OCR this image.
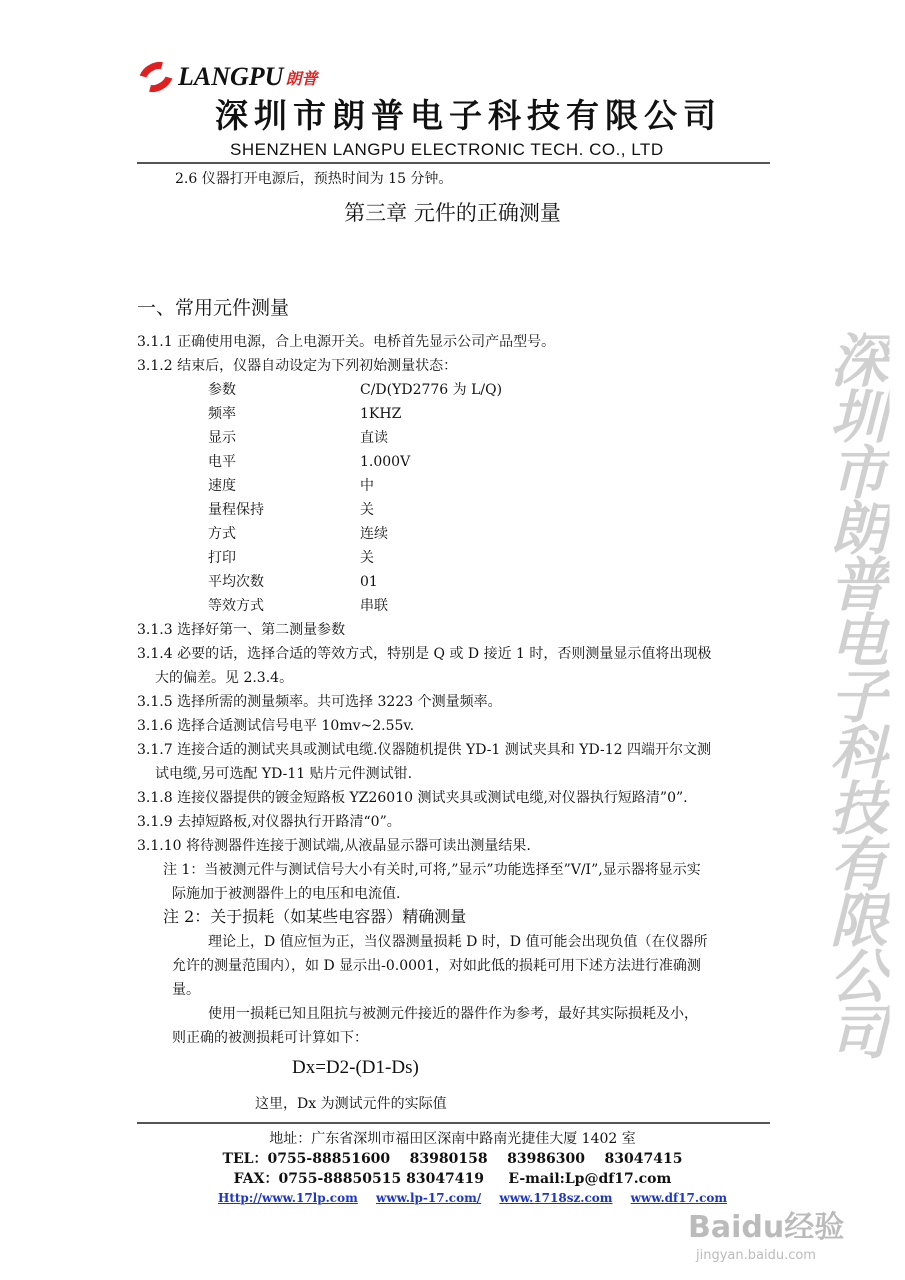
LANGPU 朗普
深圳市朗普电子科技有限公司
SHENZHEN LANGPU ELECTRONIC TECH. CO., LTD
2.6 仪器打开电源后，预热时间为 15 分钟。
第三章 元件的正确测量
一、常用元件测量
3.1.1 正确使用电源，合上电源开关。电桥首先显示公司产品型号。
3.1.2 结束后，仪器自动设定为下列初始测量状态：
参数	C/D(YD2776 为 L/Q)
频率	1KHZ
显示	直读
电平	1.000V
速度	中
量程保持	关
方式	连续
打印	关
平均次数	01
等效方式	串联
3.1.3 选择好第一、第二测量参数
3.1.4 必要的话，选择合适的等效方式，特别是 Q 或 D 接近 1 时，否则测量显示值将出现极
大的偏差。见 2.3.4。
3.1.5 选择所需的测量频率。共可选择 3223 个测量频率。
3.1.6 选择合适测试信号电平 10mv~2.55v.
3.1.7 连接合适的测试夹具或测试电缆.仪器随机提供 YD-1 测试夹具和 YD-12 四端开尔文测
试电缆,另可选配 YD-11 贴片元件测试钳.
3.1.8 连接仪器提供的镀金短路板 YZ26010 测试夹具或测试电缆,对仪器执行短路清”0”.
3.1.9 去掉短路板,对仪器执行开路清“0”。
3.1.10 将待测器件连接于测试端,从液晶显示器可读出测量结果.
注 1：当被测元件与测试信号大小有关时,可将,”显示”功能选择至”V/I”,显示器将显示实
际施加于被测器件上的电压和电流值.
注 2：关于损耗（如某些电容器）精确测量
理论上，D 值应恒为正，当仪器测量损耗 D 时，D 值可能会出现负值（在仪器所
允许的测量范围内），如 D 显示出-0.0001，对如此低的损耗可用下述方法进行准确测
量。
使用一损耗已知且阻抗与被测元件接近的器件作为参考，最好其实际损耗及小，
则正确的被测损耗可计算如下：
Dx=D2-(D1-Ds)
这里，Dx 为测试元件的实际值
地址：广东省深圳市福田区深南中路南光捷佳大厦 1402 室
TEL：0755-88851600    83980158    83986300    83047415
FAX：0755-88850515 83047419     E-mail:Lp@df17.com
Http://www.17lp.com www.lp-17.com/ www.1718sz.com www.df17.com
深圳市朗普电子科技有限公司
Baidu经验
jingyan.baidu.com
